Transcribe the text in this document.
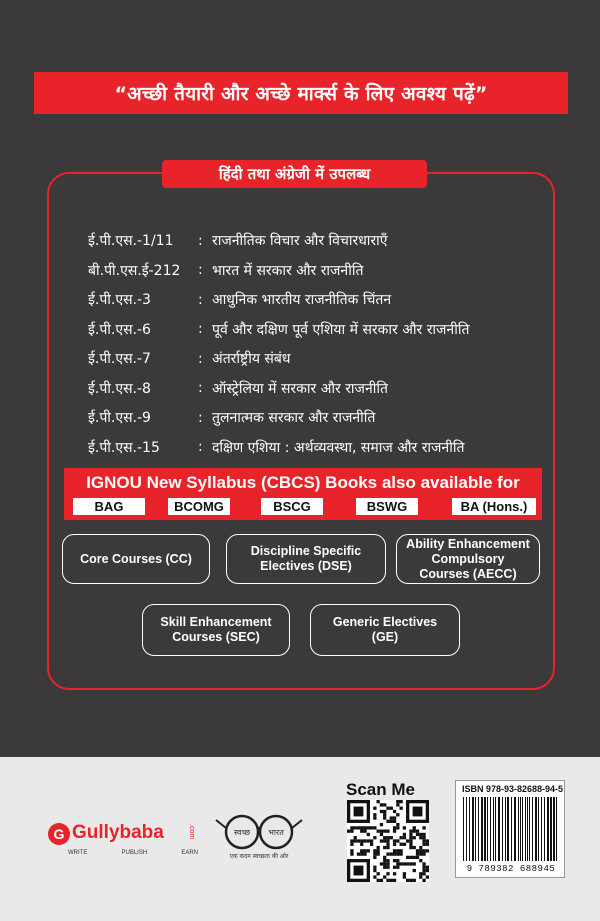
“अच्छी तैयारी और अच्छे मार्क्स के लिए अवश्य पढ़ें”
हिंदी तथा अंग्रेजी में उपलब्ध
ई.पी.एस.-1/11	: राजनीतिक विचार और विचारधाराएँ
बी.पी.एस.ई-212	: भारत में सरकार और राजनीति
ई.पी.एस.-3	: आधुनिक भारतीय राजनीतिक चिंतन
ई.पी.एस.-6	: पूर्व और दक्षिण पूर्व एशिया में सरकार और राजनीति
ई.पी.एस.-7	: अंतर्राष्ट्रीय संबंध
ई.पी.एस.-8	: ऑस्ट्रेलिया में सरकार और राजनीति
ई.पी.एस.-9	: तुलनात्मक सरकार और राजनीति
ई.पी.एस.-15	: दक्षिण एशिया : अर्थव्यवस्था, समाज और राजनीति
IGNOU New Syllabus (CBCS) Books also available for
BAG	BCOMG	BSCG	BSWG	BA (Hons.)
Core Courses (CC)
Discipline Specific Electives (DSE)
Ability Enhancement Compulsory Courses (AECC)
Skill Enhancement Courses (SEC)
Generic Electives (GE)
G Gullybaba	.com
WRITE	PUBLISH	EARN
स्वच्छ भारत
एक कदम स्वच्छता की ओर
Scan Me	ISBN 978-93-82688-94-5
9 789382 688945
